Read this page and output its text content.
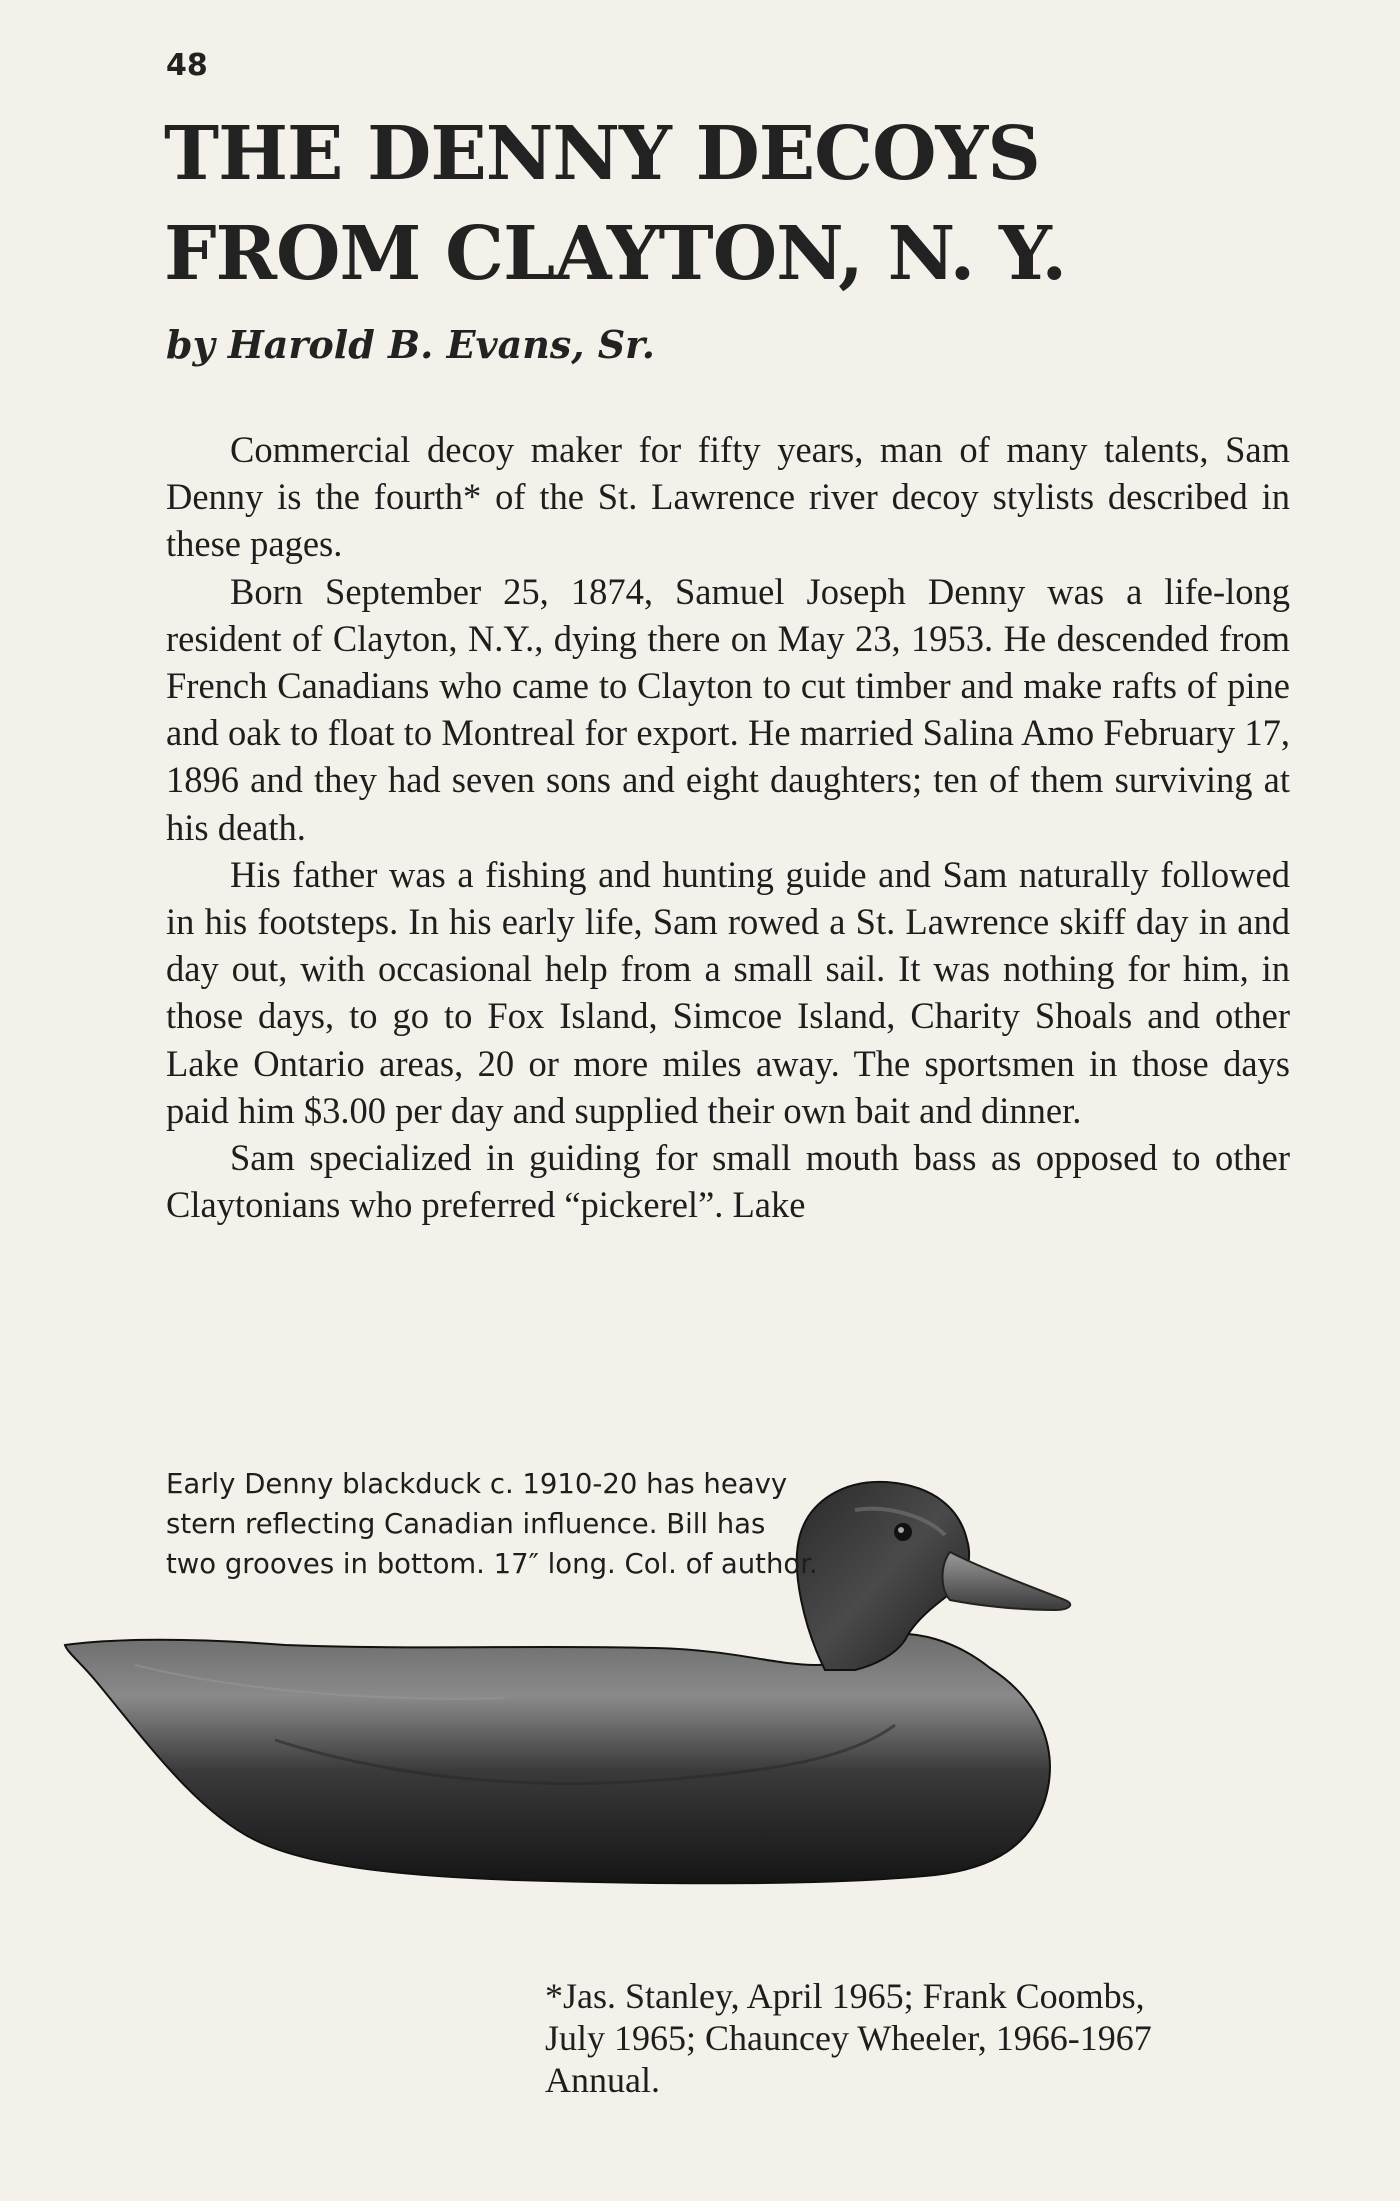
48
THE DENNY DECOYS
FROM CLAYTON, N. Y.
by Harold B. Evans, Sr.

Commercial decoy maker for fifty years, man of many talents, Sam Denny is the fourth* of the St. Lawrence river decoy stylists described in these pages.

Born September 25, 1874, Samuel Joseph Denny was a life-long resident of Clayton, N.Y., dying there on May 23, 1953. He descended from French Canadians who came to Clayton to cut timber and make rafts of pine and oak to float to Montreal for export. He married Salina Amo February 17, 1896 and they had seven sons and eight daughters; ten of them surviving at his death.

His father was a fishing and hunting guide and Sam naturally followed in his footsteps. In his early life, Sam rowed a St. Lawrence skiff day in and day out, with occasional help from a small sail. It was nothing for him, in those days, to go to Fox Island, Simcoe Island, Charity Shoals and other Lake Ontario areas, 20 or more miles away. The sportsmen in those days paid him $3.00 per day and supplied their own bait and dinner.

Sam specialized in guiding for small mouth bass as opposed to other Claytonians who preferred “pickerel”. Lake

Early Denny blackduck c. 1910-20 has heavy
stern reflecting Canadian influence. Bill has
two grooves in bottom. 17″ long. Col. of author.
*Jas. Stanley, April 1965; Frank Coombs,
July 1965; Chauncey Wheeler, 1966-1967
Annual.
